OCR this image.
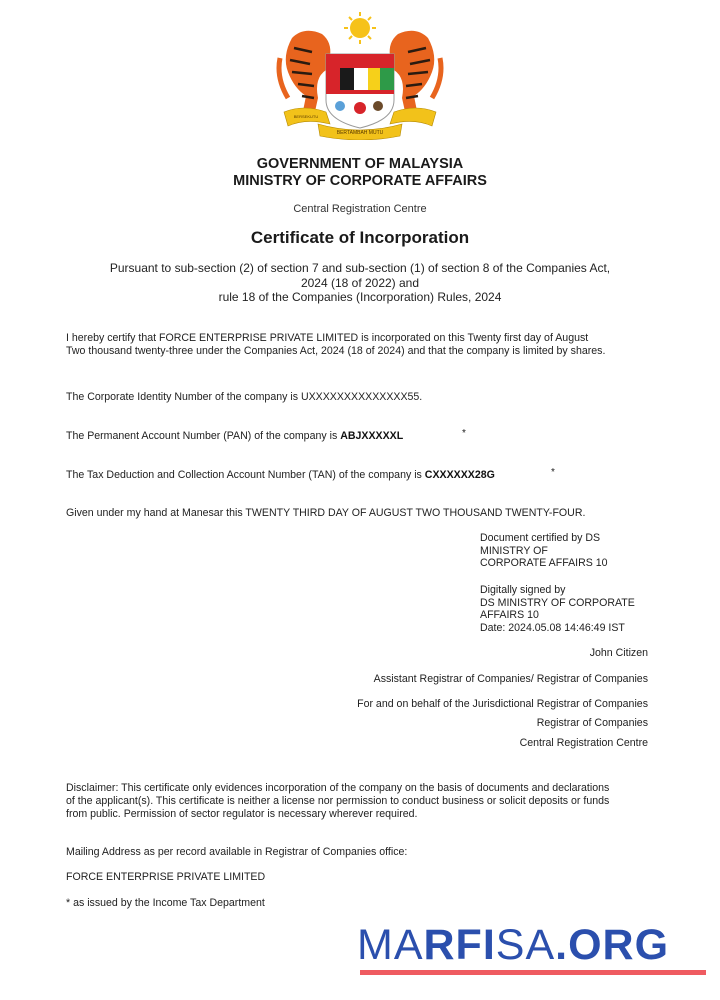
BERTAMBAH MUTU
BERSEKUTU
GOVERNMENT OF MALAYSIA
MINISTRY OF CORPORATE AFFAIRS
Central Registration Centre
Certificate of Incorporation
Pursuant to sub-section (2) of section 7 and sub-section (1) of section 8 of the Companies Act,
2024 (18 of 2022) and
rule 18 of the Companies (Incorporation) Rules, 2024
I hereby certify that FORCE ENTERPRISE PRIVATE LIMITED is incorporated on this Twenty first day of August
Two thousand twenty-three under the Companies Act, 2024 (18 of 2024) and that the company is limited by shares.
The Corporate Identity Number of the company is UXXXXXXXXXXXXXX55.
The Permanent Account Number (PAN) of the company is ABJXXXXXL	*
The Tax Deduction and Collection Account Number (TAN) of the company is CXXXXXX28G	*
Given under my hand at Manesar this TWENTY THIRD DAY OF AUGUST TWO THOUSAND TWENTY-FOUR.
Document certified by DS
MINISTRY OF
CORPORATE AFFAIRS 10
Digitally signed by
DS MINISTRY OF CORPORATE
AFFAIRS 10
Date: 2024.05.08 14:46:49 IST
John Citizen
Assistant Registrar of Companies/ Registrar of Companies
For and on behalf of the Jurisdictional Registrar of Companies
Registrar of Companies
Central Registration Centre
Disclaimer: This certificate only evidences incorporation of the company on the basis of documents and declarations
of the applicant(s). This certificate is neither a license nor permission to conduct business or solicit deposits or funds
from public. Permission of sector regulator is necessary wherever required.
Mailing Address as per record available in Registrar of Companies office:
FORCE ENTERPRISE PRIVATE LIMITED
* as issued by the Income Tax Department
MARFISA.ORG
